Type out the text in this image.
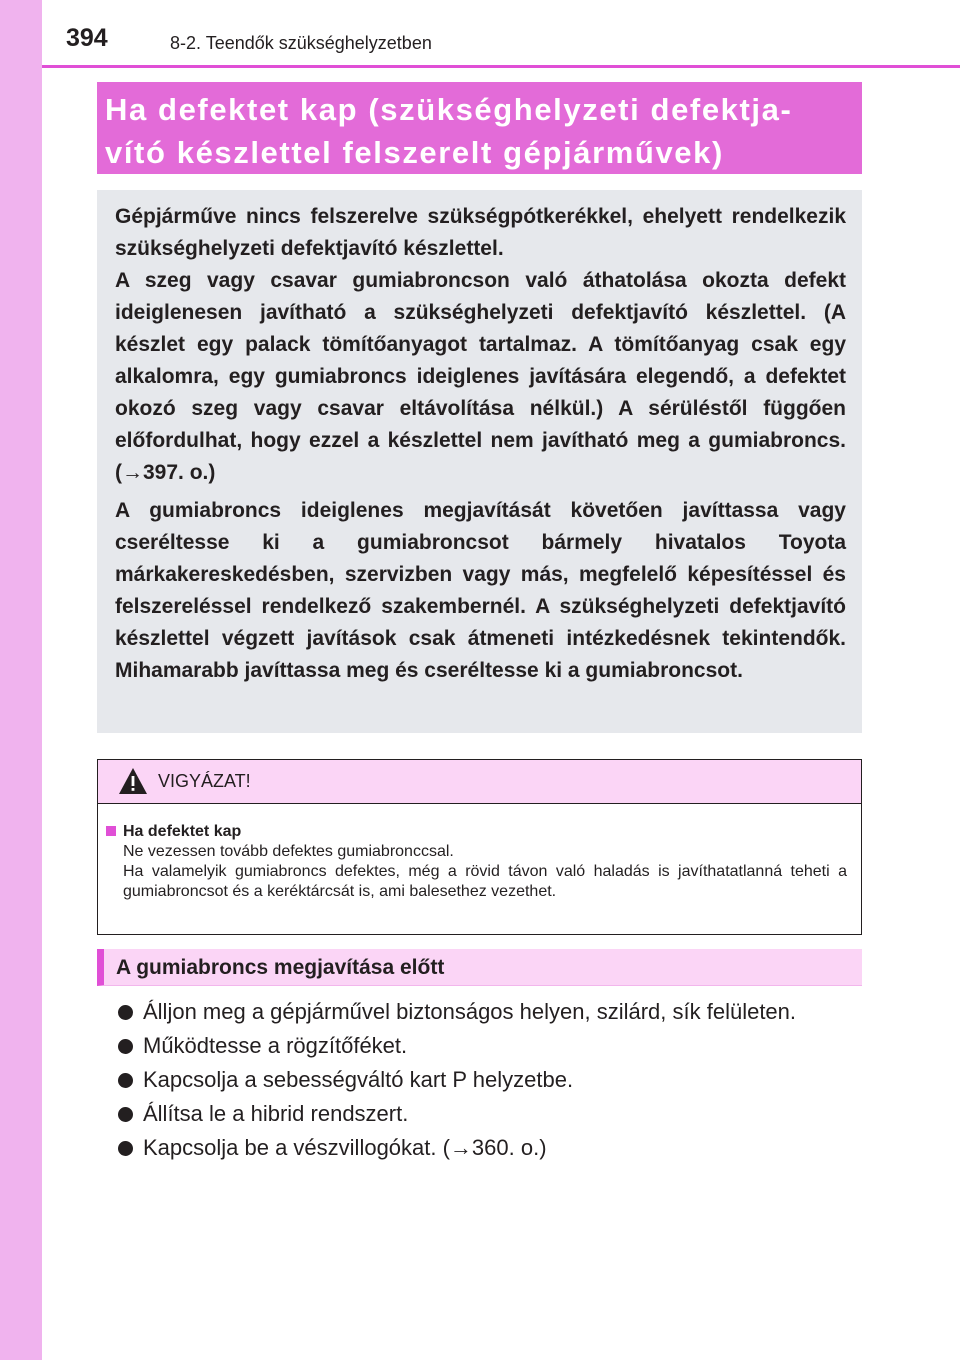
394	8-2. Teendők szükséghelyzetben

Ha defektet kap (szükséghelyzeti defektja-

vító készlettel felszerelt gépjárművek)

Gépjárműve nincs felszerelve szükségpótkerékkel, ehelyett rendelkezik szükséghelyzeti defektjavító készlettel.

A szeg vagy csavar gumiabroncson való áthatolása okozta defekt ideiglenesen javítható a szükséghelyzeti defektjavító készlettel. (A készlet egy palack tömítőanyagot tartalmaz. A tömítőanyag csak egy alkalomra, egy gumiabroncs ideiglenes javítására elegendő, a defektet okozó szeg vagy csavar eltávolítása nélkül.) A sérüléstől függően előfordulhat, hogy ezzel a készlettel nem javítható meg a gumiabroncs. (→397. o.)

A gumiabroncs ideiglenes megjavítását követően javíttassa vagy cseréltesse ki a gumiabroncsot bármely hivatalos Toyota márkakereskedésben, szervizben vagy más, megfelelő képesítéssel és felszereléssel rendelkező szakembernél. A szükséghelyzeti defektjavító készlettel végzett javítások csak átmeneti intézkedésnek tekintendők. Mihamarabb javíttassa meg és cseréltesse ki a gumiabroncsot.

VIGYÁZAT!
Ha defektet kap
Ne vezessen tovább defektes gumiabronccsal.
Ha valamelyik gumiabroncs defektes, még a rövid távon való haladás is javíthatatlanná teheti a gumiabroncsot és a keréktárcsát is, ami balesethez vezethet.
A gumiabroncs megjavítása előtt
Álljon meg a gépjárművel biztonságos helyen, szilárd, sík felületen.
Működtesse a rögzítőféket.
Kapcsolja a sebességváltó kart P helyzetbe.
Állítsa le a hibrid rendszert.
Kapcsolja be a vészvillogókat. (→360. o.)
